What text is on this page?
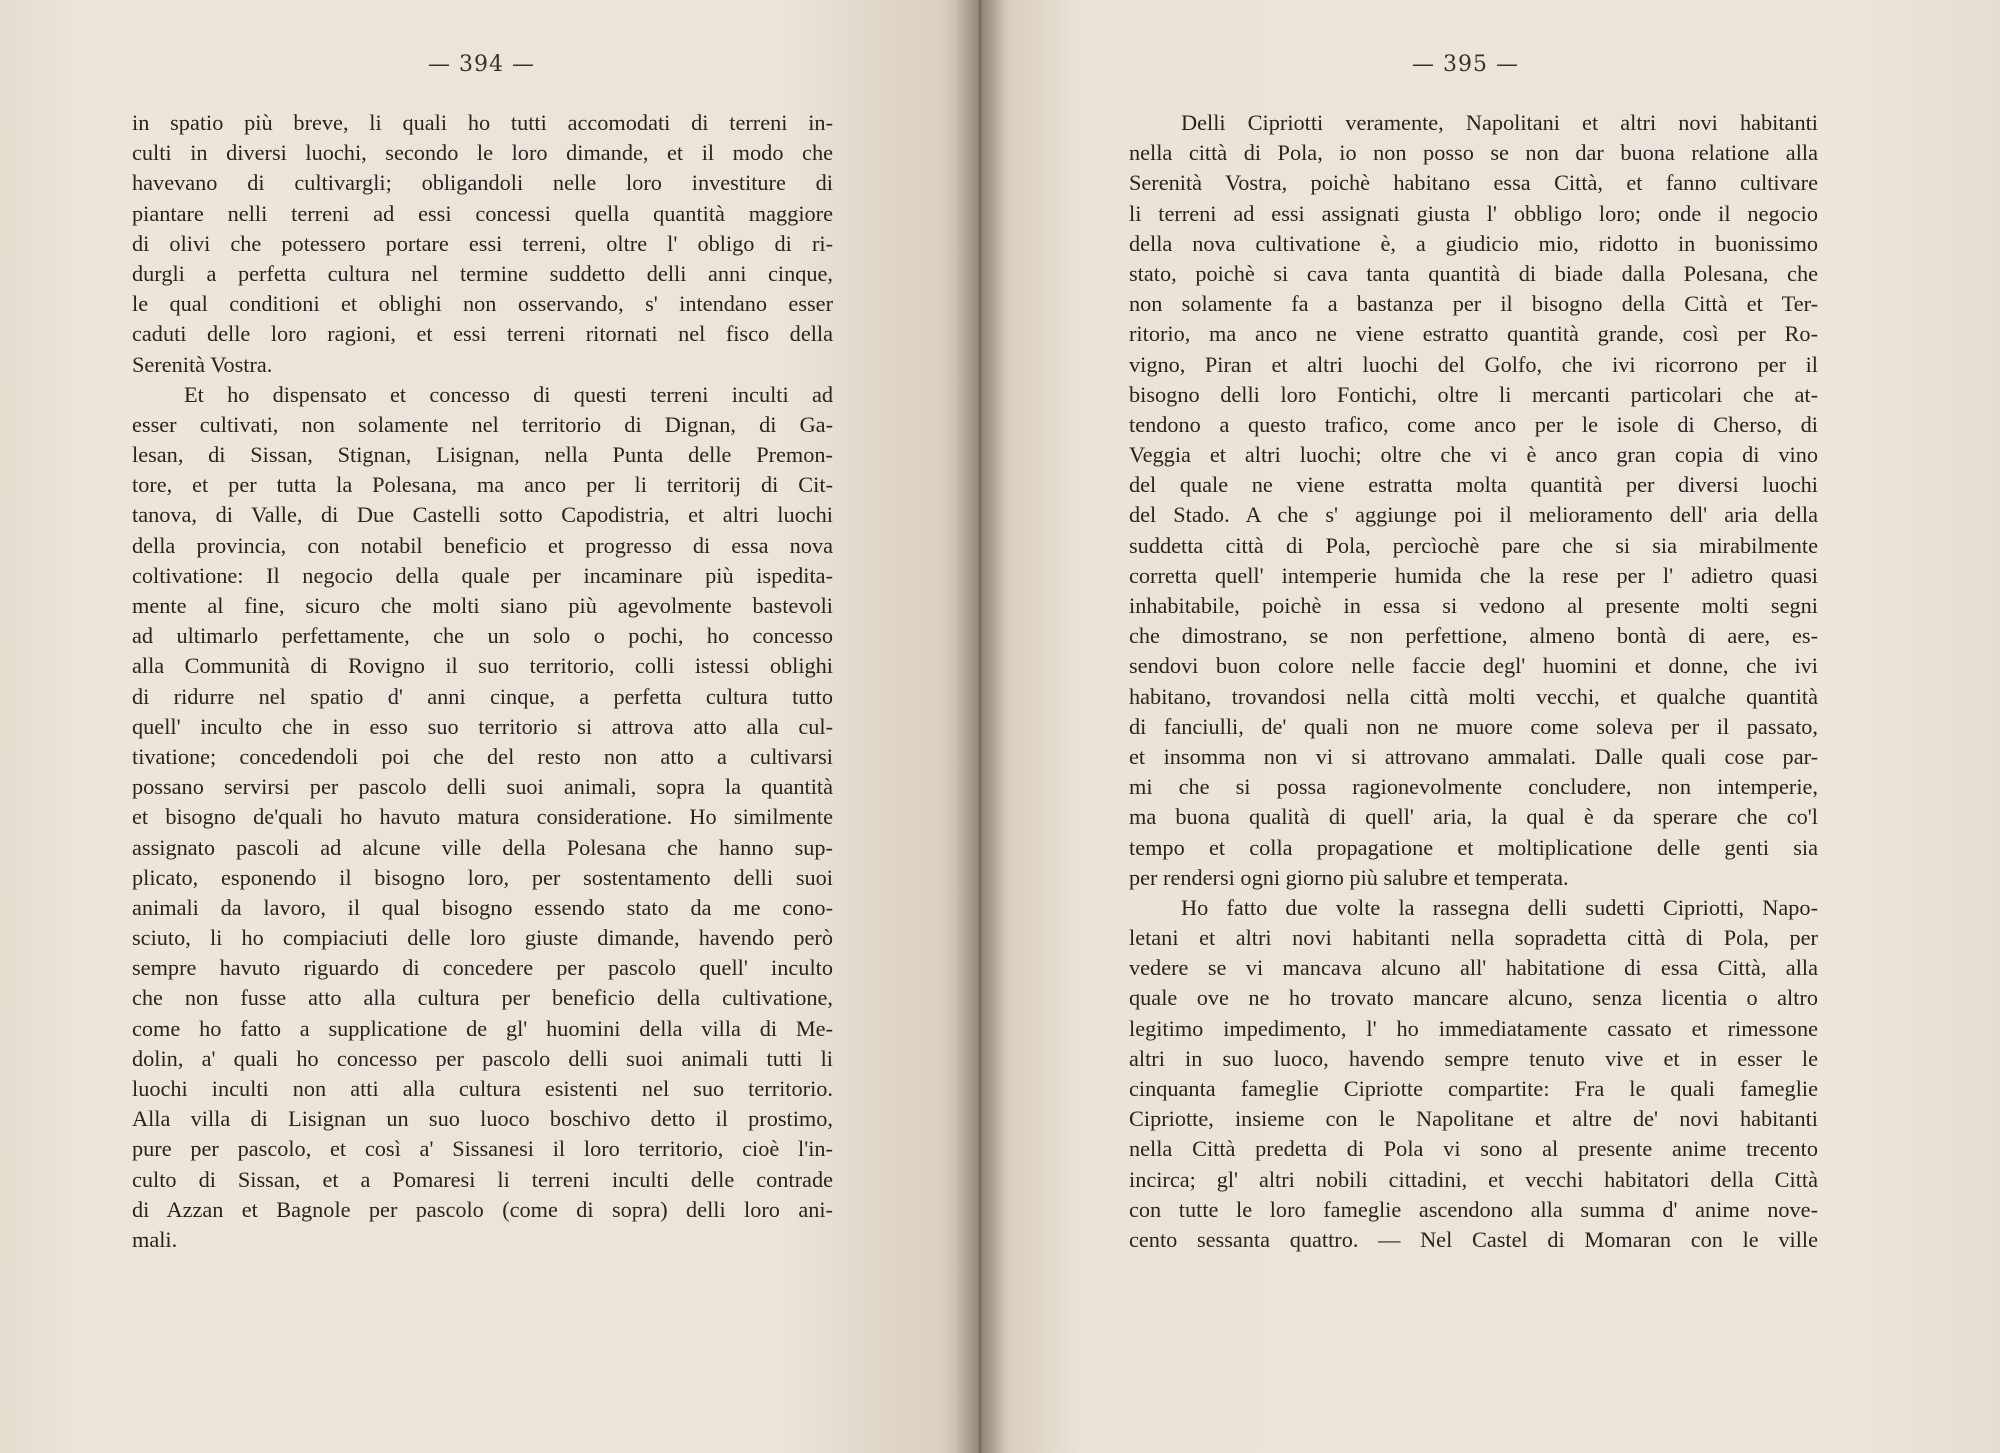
— 394 —
in spatio più breve, li quali ho tutti accomodati di terreni in-
culti in diversi luochi, secondo le loro dimande, et il modo che
havevano di cultivargli; obligandoli nelle loro investiture di
piantare nelli terreni ad essi concessi quella quantità maggiore
di olivi che potessero portare essi terreni, oltre l' obligo di ri-
durgli a perfetta cultura nel termine suddetto delli anni cinque,
le qual conditioni et oblighi non osservando, s' intendano esser
caduti delle loro ragioni, et essi terreni ritornati nel fisco della
Serenità Vostra.
Et ho dispensato et concesso di questi terreni inculti ad
esser cultivati, non solamente nel territorio di Dignan, di Ga-
lesan, di Sissan, Stignan, Lisignan, nella Punta delle Premon-
tore, et per tutta la Polesana, ma anco per li territorij di Cit-
tanova, di Valle, di Due Castelli sotto Capodistria, et altri luochi
della provincia, con notabil beneficio et progresso di essa nova
coltivatione: Il negocio della quale per incaminare più ispedita-
mente al fine, sicuro che molti siano più agevolmente bastevoli
ad ultimarlo perfettamente, che un solo o pochi, ho concesso
alla Communità di Rovigno il suo territorio, colli istessi oblighi
di ridurre nel spatio d' anni cinque, a perfetta cultura tutto
quell' inculto che in esso suo territorio si attrova atto alla cul-
tivatione; concedendoli poi che del resto non atto a cultivarsi
possano servirsi per pascolo delli suoi animali, sopra la quantità
et bisogno de'quali ho havuto matura consideratione. Ho similmente
assignato pascoli ad alcune ville della Polesana che hanno sup-
plicato, esponendo il bisogno loro, per sostentamento delli suoi
animali da lavoro, il qual bisogno essendo stato da me cono-
sciuto, li ho compiaciuti delle loro giuste dimande, havendo però
sempre havuto riguardo di concedere per pascolo quell' inculto
che non fusse atto alla cultura per beneficio della cultivatione,
come ho fatto a supplicatione de gl' huomini della villa di Me-
dolin, a' quali ho concesso per pascolo delli suoi animali tutti li
luochi inculti non atti alla cultura esistenti nel suo territorio.
Alla villa di Lisignan un suo luoco boschivo detto il prostimo,
pure per pascolo, et così a' Sissanesi il loro territorio, cioè l'in-
culto di Sissan, et a Pomaresi li terreni inculti delle contrade
di Azzan et Bagnole per pascolo (come di sopra) delli loro ani-
mali.
— 395 —
Delli Cipriotti veramente, Napolitani et altri novi habitanti
nella città di Pola, io non posso se non dar buona relatione alla
Serenità Vostra, poichè habitano essa Città, et fanno cultivare
li terreni ad essi assignati giusta l' obbligo loro; onde il negocio
della nova cultivatione è, a giudicio mio, ridotto in buonissimo
stato, poichè si cava tanta quantità di biade dalla Polesana, che
non solamente fa a bastanza per il bisogno della Città et Ter-
ritorio, ma anco ne viene estratto quantità grande, così per Ro-
vigno, Piran et altri luochi del Golfo, che ivi ricorrono per il
bisogno delli loro Fontichi, oltre li mercanti particolari che at-
tendono a questo trafico, come anco per le isole di Cherso, di
Veggia et altri luochi; oltre che vi è anco gran copia di vino
del quale ne viene estratta molta quantità per diversi luochi
del Stado. A che s' aggiunge poi il melioramento dell' aria della
suddetta città di Pola, percìochè pare che si sia mirabilmente
corretta quell' intemperie humida che la rese per l' adietro quasi
inhabitabile, poichè in essa si vedono al presente molti segni
che dimostrano, se non perfettione, almeno bontà di aere, es-
sendovi buon colore nelle faccie degl' huomini et donne, che ivi
habitano, trovandosi nella città molti vecchi, et qualche quantità
di fanciulli, de' quali non ne muore come soleva per il passato,
et insomma non vi si attrovano ammalati. Dalle quali cose par-
mi che si possa ragionevolmente concludere, non intemperie,
ma buona qualità di quell' aria, la qual è da sperare che co'l
tempo et colla propagatione et moltiplicatione delle genti sia
per rendersi ogni giorno più salubre et temperata.
Ho fatto due volte la rassegna delli sudetti Cipriotti, Napo-
letani et altri novi habitanti nella sopradetta città di Pola, per
vedere se vi mancava alcuno all' habitatione di essa Città, alla
quale ove ne ho trovato mancare alcuno, senza licentia o altro
legitimo impedimento, l' ho immediatamente cassato et rimessone
altri in suo luoco, havendo sempre tenuto vive et in esser le
cinquanta fameglie Cipriotte compartite: Fra le quali fameglie
Cipriotte, insieme con le Napolitane et altre de' novi habitanti
nella Città predetta di Pola vi sono al presente anime trecento
incirca; gl' altri nobili cittadini, et vecchi habitatori della Città
con tutte le loro fameglie ascendono alla summa d' anime nove-
cento sessanta quattro. — Nel Castel di Momaran con le ville
